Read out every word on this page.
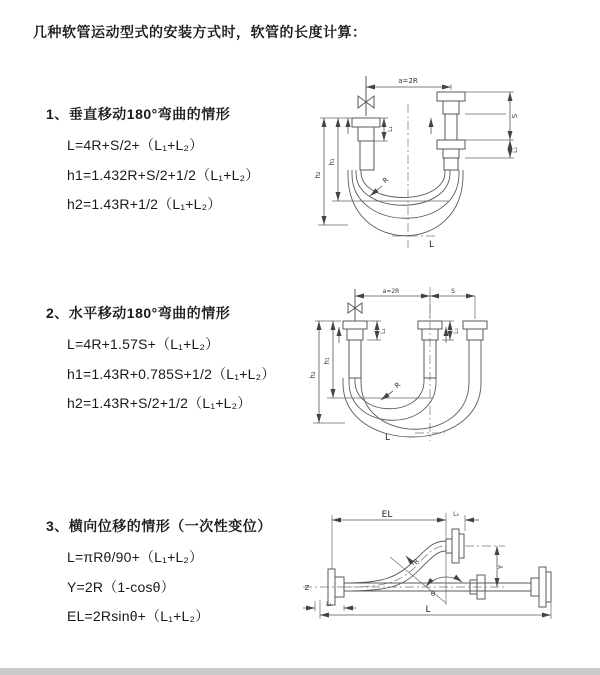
几种软管运动型式的安装方式时，软管的长度计算：
1、垂直移动180°弯曲的情形
L=4R+S/2+（L₁+L₂）
h1=1.432R+S/2+1/2（L₁+L₂）
h2=1.43R+1/2（L₁+L₂）
2、水平移动180°弯曲的情形
L=4R+1.57S+（L₁+L₂）
h1=1.43R+0.785S+1/2（L₁+L₂）
h2=1.43R+S/2+1/2（L₁+L₂）
3、横向位移的情形（一次性变位）
L=πRθ/90+（L₁+L₂）
Y=2R（1-cosθ）
EL=2Rsinθ+（L₁+L₂）
a=2R
h₁
h₂
L₁
S
L₂
R
L
a=2R	S
h₁
h₂
L₁	L₂
R
L
Z
EL	L₂
Y
L
L₁
R
θ
